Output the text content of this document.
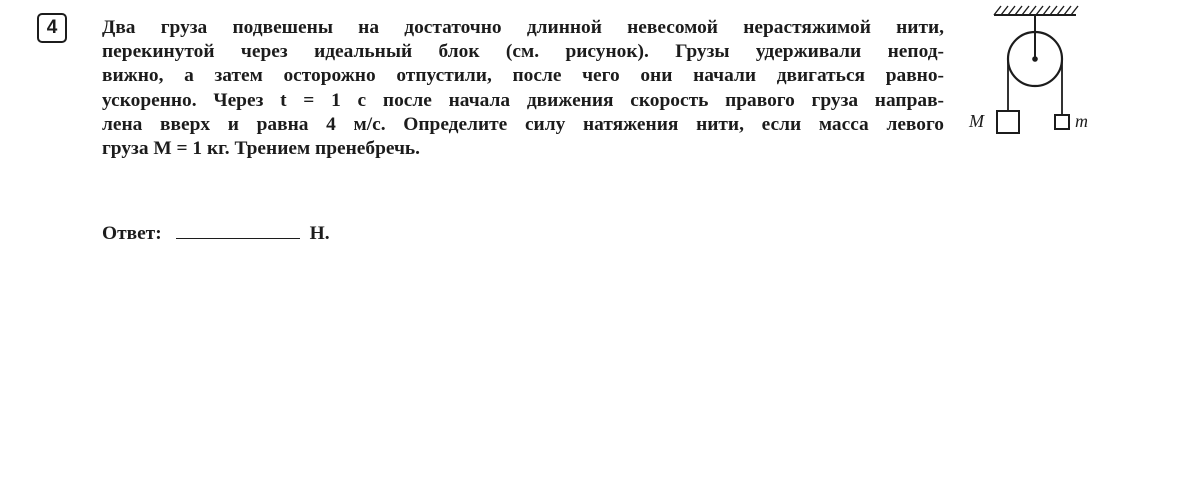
4 Два груза подвешены на достаточно длинной невесомой нерастяжимой нити,
перекинутой через идеальный блок (см. рисунок). Грузы удерживали непод-
вижно, а затем осторожно отпустили, после чего они начали двигаться равно-
ускоренно. Через t = 1 с после начала движения скорость правого груза направ-
лена вверх и равна 4 м/с. Определите силу натяжения нити, если масса левого
груза M = 1 кг. Трением пренебречь.
Ответ:	Н.
M	m
